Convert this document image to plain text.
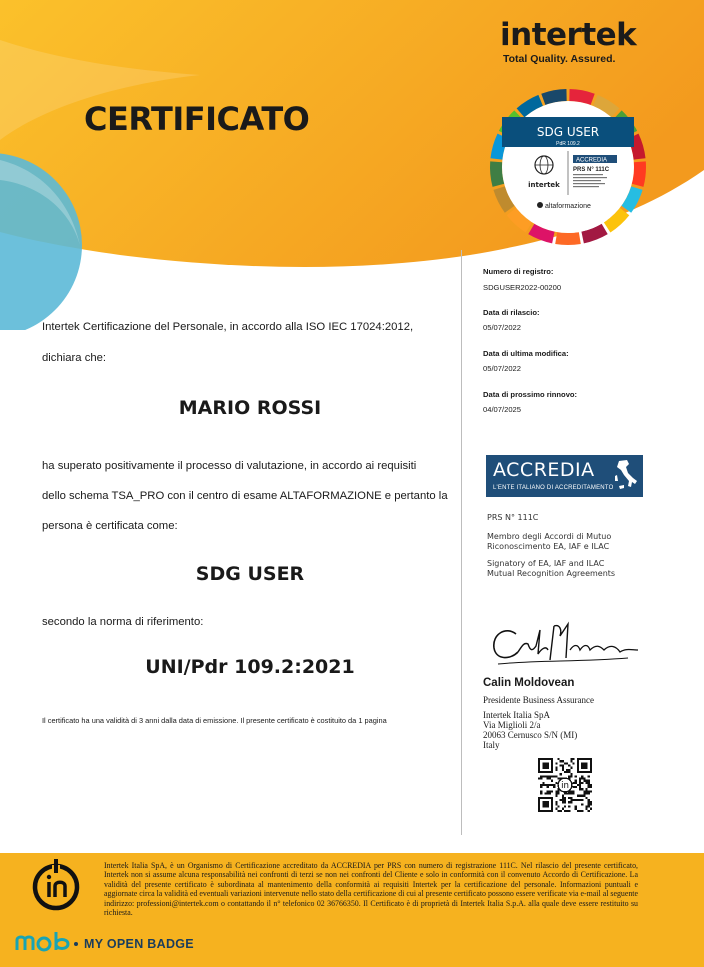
intertek
Total Quality. Assured.
CERTIFICATO	SDG USER
PdR 109.2
intertek
ACCREDIA
PRS N° 111C
altaformazione
Intertek Certificazione del Personale, in accordo alla ISO IEC 17024:2012,
dichiara che:
MARIO ROSSI
ha superato positivamente il processo di valutazione, in accordo ai requisiti
dello schema TSA_PRO con il centro di esame ALTAFORMAZIONE e pertanto la
persona è certificata come:
SDG USER
secondo la norma di riferimento:
UNI/Pdr 109.2:2021
Il certificato ha una validità di 3 anni dalla data di emissione. Il presente certificato è costituito da 1 pagina
Numero di registro:
SDGUSER2022-00200
Data di rilascio:
05/07/2022
Data di ultima modifica:
05/07/2022
Data di prossimo rinnovo:
04/07/2025
ACCREDIA
L'ENTE ITALIANO DI ACCREDITAMENTO
PRS N° 111C
Membro degli Accordi di Mutuo
Riconoscimento EA, IAF e ILAC
Signatory of EA, IAF and ILAC
Mutual Recognition Agreements
Calin Moldovean
Presidente Business Assurance
Intertek Italia SpA
Via Miglioli 2/a
20063 Cernusco S/N (MI)
Italy
in
Intertek Italia SpA, è un Organismo di Certificazione accreditato da ACCREDIA per PRS con numero di registrazione 111C. Nel rilascio del presente certificato, Intertek non si assume alcuna responsabilità nei confronti di terzi se non nei confronti del Cliente e solo in conformità con il convenuto Accordo di Certificazione. La validità del presente certificato è subordinata al mantenimento della conformità ai requisiti Intertek per la certificazione del personale. Informazioni puntuali e aggiornate circa la validità ed eventuali variazioni intervenute nello stato della certificazione di cui al presente certificato possono essere verificate via e-mail al seguente indirizzo: professioni@intertek.com o contattando il n° telefonico 02 36766350. Il Certificato è di proprietà di Intertek Italia S.p.A. alla quale deve essere restituito su richiesta.
MY OPEN BADGE
